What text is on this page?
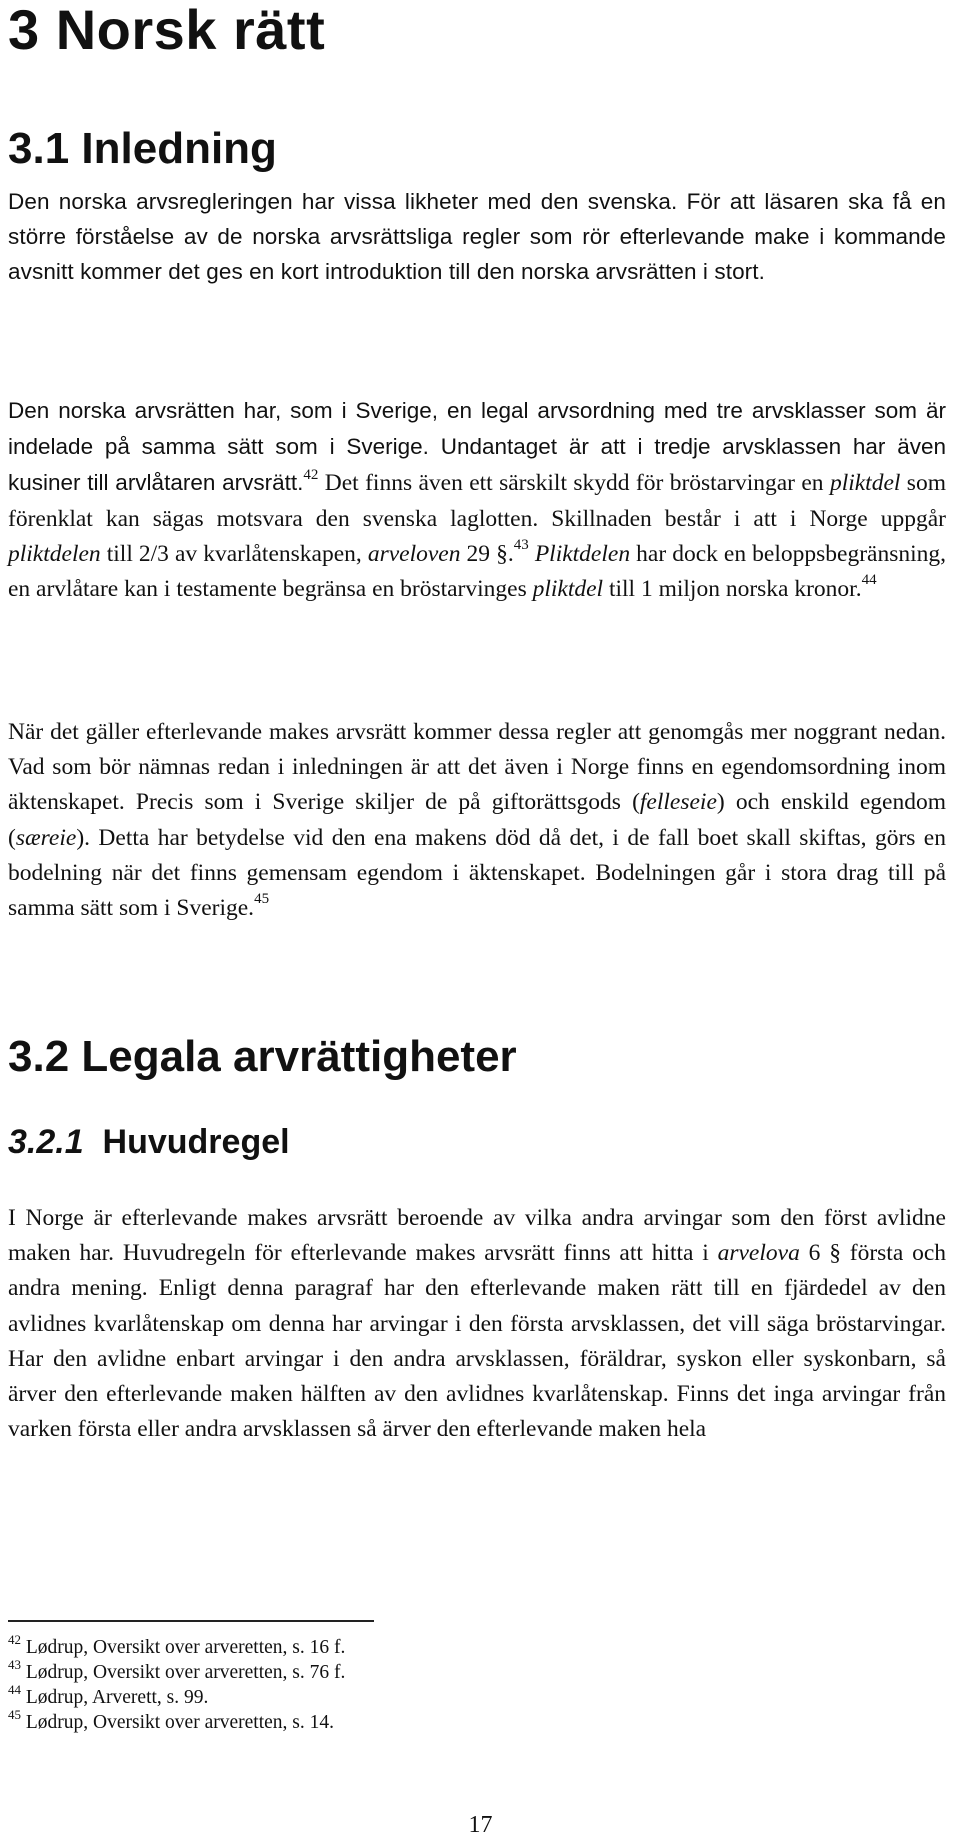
3 Norsk rätt
3.1 Inledning

Den norska arvsregleringen har vissa likheter med den svenska. För att läsaren ska få en större förståelse av de norska arvsrättsliga regler som rör efterlevande make i kommande avsnitt kommer det ges en kort introduktion till den norska arvsrätten i stort.

Den norska arvsrätten har, som i Sverige, en legal arvsordning med tre arvsklasser som är indelade på samma sätt som i Sverige. Undantaget är att i tredje arvsklassen har även kusiner till arvlåtaren arvsrätt.$^{42}$ Det finns även ett särskilt skydd för bröstarvingar en pliktdel som förenklat kan sägas motsvara den svenska laglotten. Skillnaden består i att i Norge uppgår pliktdelen till 2/3 av kvarlåtenskapen, arveloven 29 §.$^{43}$ Pliktdelen har dock en beloppsbegränsning, en arvlåtare kan i testamente begränsa en bröstarvinges pliktdel till 1 miljon norska kronor.$^{44}$

När det gäller efterlevande makes arvsrätt kommer dessa regler att genomgås mer noggrant nedan. Vad som bör nämnas redan i inledningen är att det även i Norge finns en egendomsordning inom äktenskapet. Precis som i Sverige skiljer de på giftorättsgods (felleseie) och enskild egendom (særeie). Detta har betydelse vid den ena makens död då det, i de fall boet skall skiftas, görs en bodelning när det finns gemensam egendom i äktenskapet. Bodelningen går i stora drag till på samma sätt som i Sverige.$^{45}$

3.2 Legala arvrättigheter
3.2.1 Huvudregel

I Norge är efterlevande makes arvsrätt beroende av vilka andra arvingar som den först avlidne maken har. Huvudregeln för efterlevande makes arvsrätt finns att hitta i arvelova 6 § första och andra mening. Enligt denna paragraf har den efterlevande maken rätt till en fjärdedel av den avlidnes kvarlåtenskap om denna har arvingar i den första arvsklassen, det vill säga bröstarvingar. Har den avlidne enbart arvingar i den andra arvsklassen, föräldrar, syskon eller syskonbarn, så ärver den efterlevande maken hälften av den avlidnes kvarlåtenskap. Finns det inga arvingar från varken första eller andra arvsklassen så ärver den efterlevande maken hela

$^{42}$ Lødrup, Oversikt over arveretten, s. 16 f.

$^{43}$ Lødrup, Oversikt over arveretten, s. 76 f.

$^{44}$ Lødrup, Arverett, s. 99.

$^{45}$ Lødrup, Oversikt over arveretten, s. 14.

17
